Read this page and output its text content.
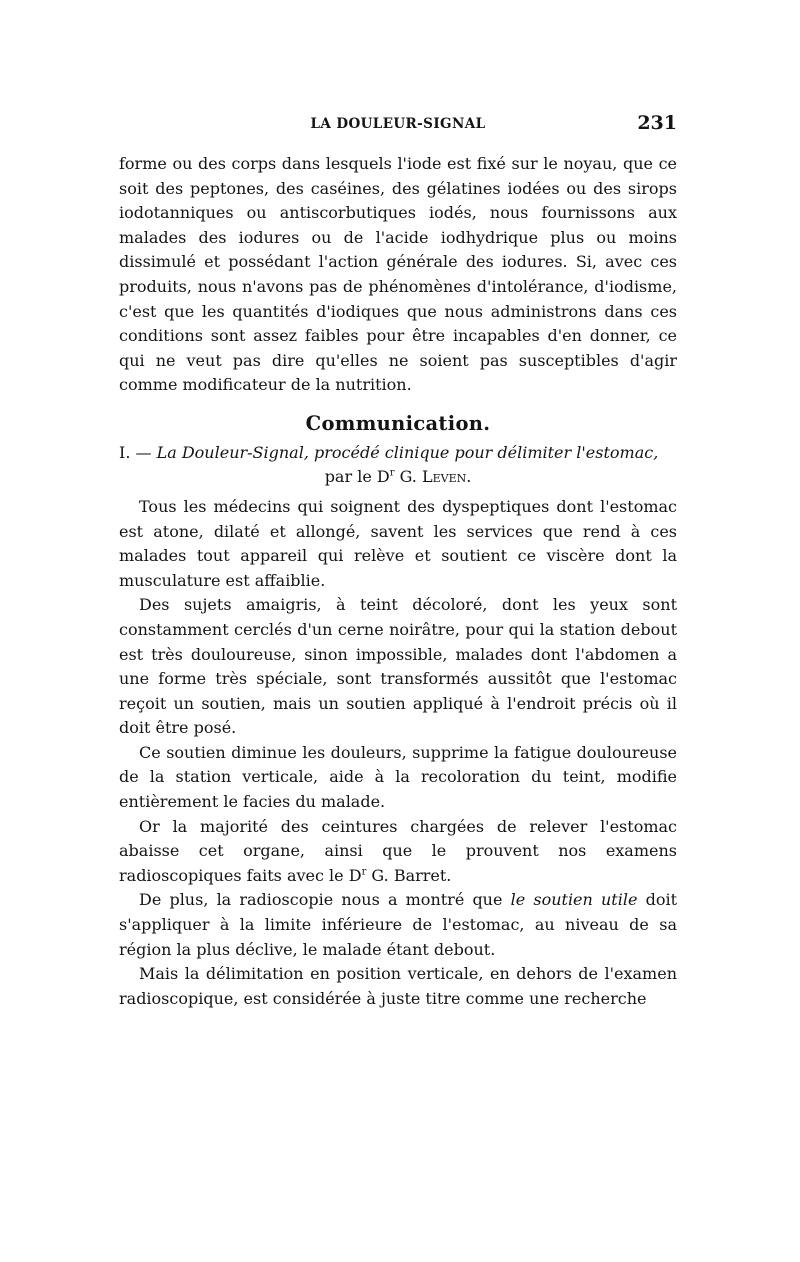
LA DOULEUR-SIGNAL	231

forme ou des corps dans lesquels l'iode est fixé sur le noyau, que ce soit des peptones, des caséines, des gélatines iodées ou des sirops iodotanniques ou antiscorbutiques iodés, nous fournissons aux malades des iodures ou de l'acide iodhydrique plus ou moins dissimulé et possédant l'action générale des iodures. Si, avec ces produits, nous n'avons pas de phénomènes d'intolérance, d'iodisme, c'est que les quantités d'iodiques que nous administrons dans ces conditions sont assez faibles pour être incapables d'en donner, ce qui ne veut pas dire qu'elles ne soient pas susceptibles d'agir comme modificateur de la nutrition.

Communication.
I. — La Douleur-Signal, procédé clinique pour délimiter l'estomac,
par le $D^r$ G. Leven.

Tous les médecins qui soignent des dyspeptiques dont l'estomac est atone, dilaté et allongé, savent les services que rend à ces malades tout appareil qui relève et soutient ce viscère dont la musculature est affaiblie.

Des sujets amaigris, à teint décoloré, dont les yeux sont constamment cerclés d'un cerne noirâtre, pour qui la station debout est très douloureuse, sinon impossible, malades dont l'abdomen a une forme très spéciale, sont transformés aussitôt que l'estomac reçoit un soutien, mais un soutien appliqué à l'endroit précis où il doit être posé.

Ce soutien diminue les douleurs, supprime la fatigue douloureuse de la station verticale, aide à la recoloration du teint, modifie entièrement le facies du malade.

Or la majorité des ceintures chargées de relever l'estomac abaisse cet organe, ainsi que le prouvent nos examens radioscopiques faits avec le $D^r$ G. Barret.

De plus, la radioscopie nous a montré que le soutien utile doit s'appliquer à la limite inférieure de l'estomac, au niveau de sa région la plus déclive, le malade étant debout.

Mais la délimitation en position verticale, en dehors de l'examen radioscopique, est considérée à juste titre comme une recherche
